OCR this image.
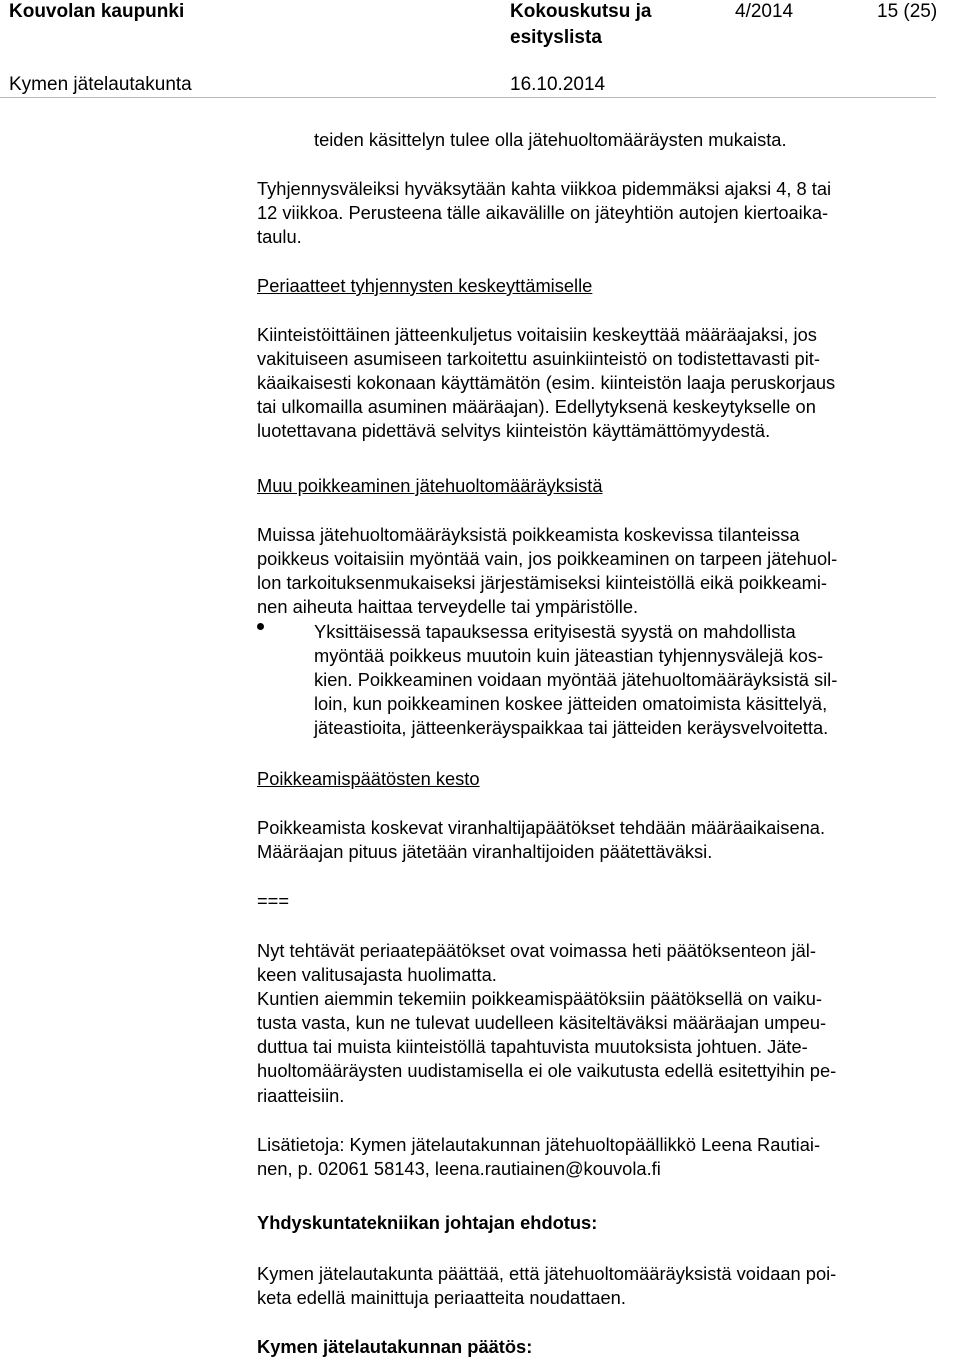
Kouvolan kaupunki	Kokouskutsu ja
esityslista
4/2014	15 (25)
Kymen jätelautakunta	16.10.2014
teiden käsittelyn tulee olla jätehuoltomääräysten mukaista.
Tyhjennysväleiksi hyväksytään kahta viikkoa pidemmäksi ajaksi 4, 8 tai
12 viikkoa. Perusteena tälle aikavälille on jäteyhtiön autojen kiertoaika-
taulu.
Periaatteet tyhjennysten keskeyttämiselle
Kiinteistöittäinen jätteenkuljetus voitaisiin keskeyttää määräajaksi, jos
vakituiseen asumiseen tarkoitettu asuinkiinteistö on todistettavasti pit-
käaikaisesti kokonaan käyttämätön (esim. kiinteistön laaja peruskorjaus
tai ulkomailla asuminen määräajan). Edellytyksenä keskeytykselle on
luotettavana pidettävä selvitys kiinteistön käyttämättömyydestä.
Muu poikkeaminen jätehuoltomääräyksistä
Muissa jätehuoltomääräyksistä poikkeamista koskevissa tilanteissa
poikkeus voitaisiin myöntää vain, jos poikkeaminen on tarpeen jätehuol-
lon tarkoituksenmukaiseksi järjestämiseksi kiinteistöllä eikä poikkeami-
nen aiheuta haittaa terveydelle tai ympäristölle.
Yksittäisessä tapauksessa erityisestä syystä on mahdollista
myöntää poikkeus muutoin kuin jäteastian tyhjennysvälejä kos-
kien. Poikkeaminen voidaan myöntää jätehuoltomääräyksistä sil-
loin, kun poikkeaminen koskee jätteiden omatoimista käsittelyä,
jäteastioita, jätteenkeräyspaikkaa tai jätteiden keräysvelvoitetta.
Poikkeamispäätösten kesto
Poikkeamista koskevat viranhaltijapäätökset tehdään määräaikaisena.
Määräajan pituus jätetään viranhaltijoiden päätettäväksi.
===
Nyt tehtävät periaatepäätökset ovat voimassa heti päätöksenteon jäl-
keen valitusajasta huolimatta.
Kuntien aiemmin tekemiin poikkeamispäätöksiin päätöksellä on vaiku-
tusta vasta, kun ne tulevat uudelleen käsiteltäväksi määräajan umpeu-
duttua tai muista kiinteistöllä tapahtuvista muutoksista johtuen. Jäte-
huoltomääräysten uudistamisella ei ole vaikutusta edellä esitettyihin pe-
riaatteisiin.
Lisätietoja: Kymen jätelautakunnan jätehuoltopäällikkö Leena Rautiai-
nen, p. 02061 58143, leena.rautiainen@kouvola.fi
Yhdyskuntatekniikan johtajan ehdotus:
Kymen jätelautakunta päättää, että jätehuoltomääräyksistä voidaan poi-
keta edellä mainittuja periaatteita noudattaen.
Kymen jätelautakunnan päätös:
